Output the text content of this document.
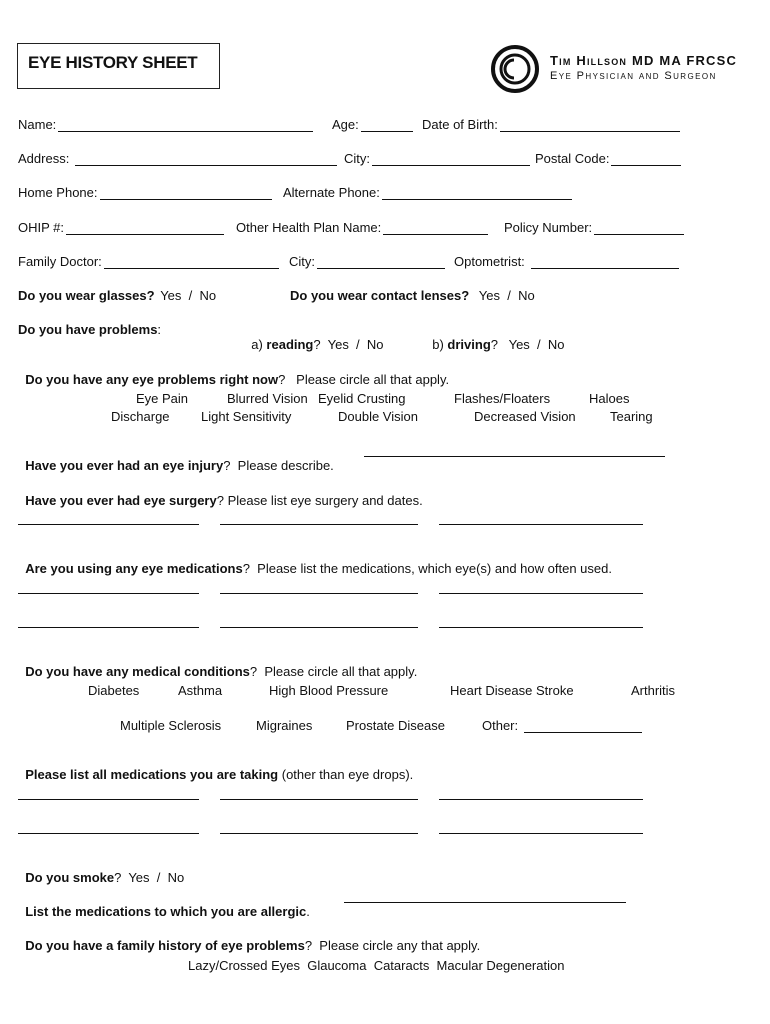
EYE HISTORY SHEET	Tim Hillson MD MA FRCSC
Eye Physician and Surgeon
Name:	Age:	Date of Birth:
Address:	City:	Postal Code:
Home Phone:	Alternate Phone:
OHIP #:	Other Health Plan Name:	Policy Number:
Family Doctor:	City:	Optometrist:
Do you wear glasses? Yes  /  No	Do you wear contact lenses? Yes  /  No
Do you have problems:

a) reading?  Yes  /  No	b) driving?   Yes  /  No

Do you have any eye problems right now?   Please circle all that apply.

Eye Pain	Blurred Vision Eyelid Crusting	Flashes/Floaters	Haloes
Discharge Light Sensitivity	Double Vision	Decreased Vision	Tearing

Have you ever had an eye injury?  Please describe.

Have you ever had eye surgery? Please list eye surgery and dates.

Are you using any eye medications?  Please list the medications, which eye(s) and how often used.

Do you have any medical conditions?  Please circle all that apply.

Diabetes	Asthma	High Blood Pressure	Heart Disease Stroke	Arthritis
Multiple Sclerosis	Migraines	Prostate Disease	Other:

Please list all medications you are taking (other than eye drops).

Do you smoke?  Yes  /  No

List the medications to which you are allergic.

Do you have a family history of eye problems?  Please circle any that apply.

Lazy/Crossed Eyes  Glaucoma  Cataracts  Macular Degeneration
